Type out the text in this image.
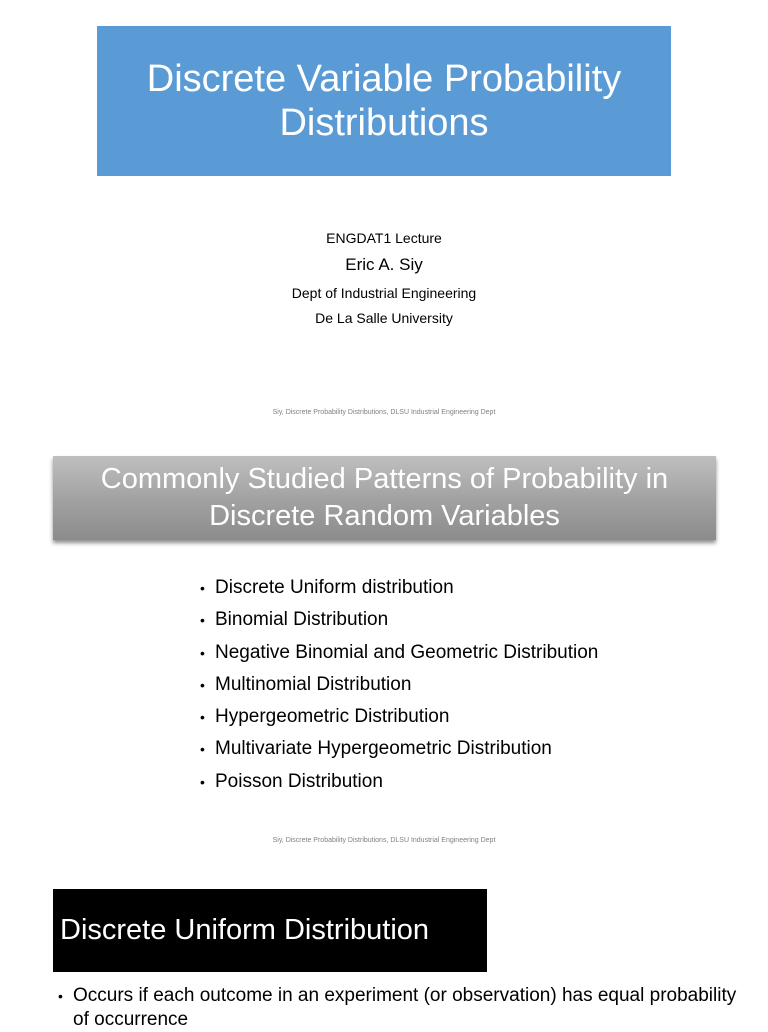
Discrete Variable Probability
Distributions
ENGDAT1 Lecture
Eric A. Siy
Dept of Industrial Engineering
De La Salle University
Siy, Discrete Probability Distributions, DLSU Industrial Engineering Dept
Commonly Studied Patterns of Probability in
Discrete Random Variables
• Discrete Uniform distribution
• Binomial Distribution
• Negative Binomial and Geometric Distribution
• Multinomial Distribution
• Hypergeometric Distribution
• Multivariate Hypergeometric Distribution
• Poisson Distribution
Siy, Discrete Probability Distributions, DLSU Industrial Engineering Dept
Discrete Uniform Distribution
• Occurs if each outcome in an experiment (or observation) has equal probability of occurrence
